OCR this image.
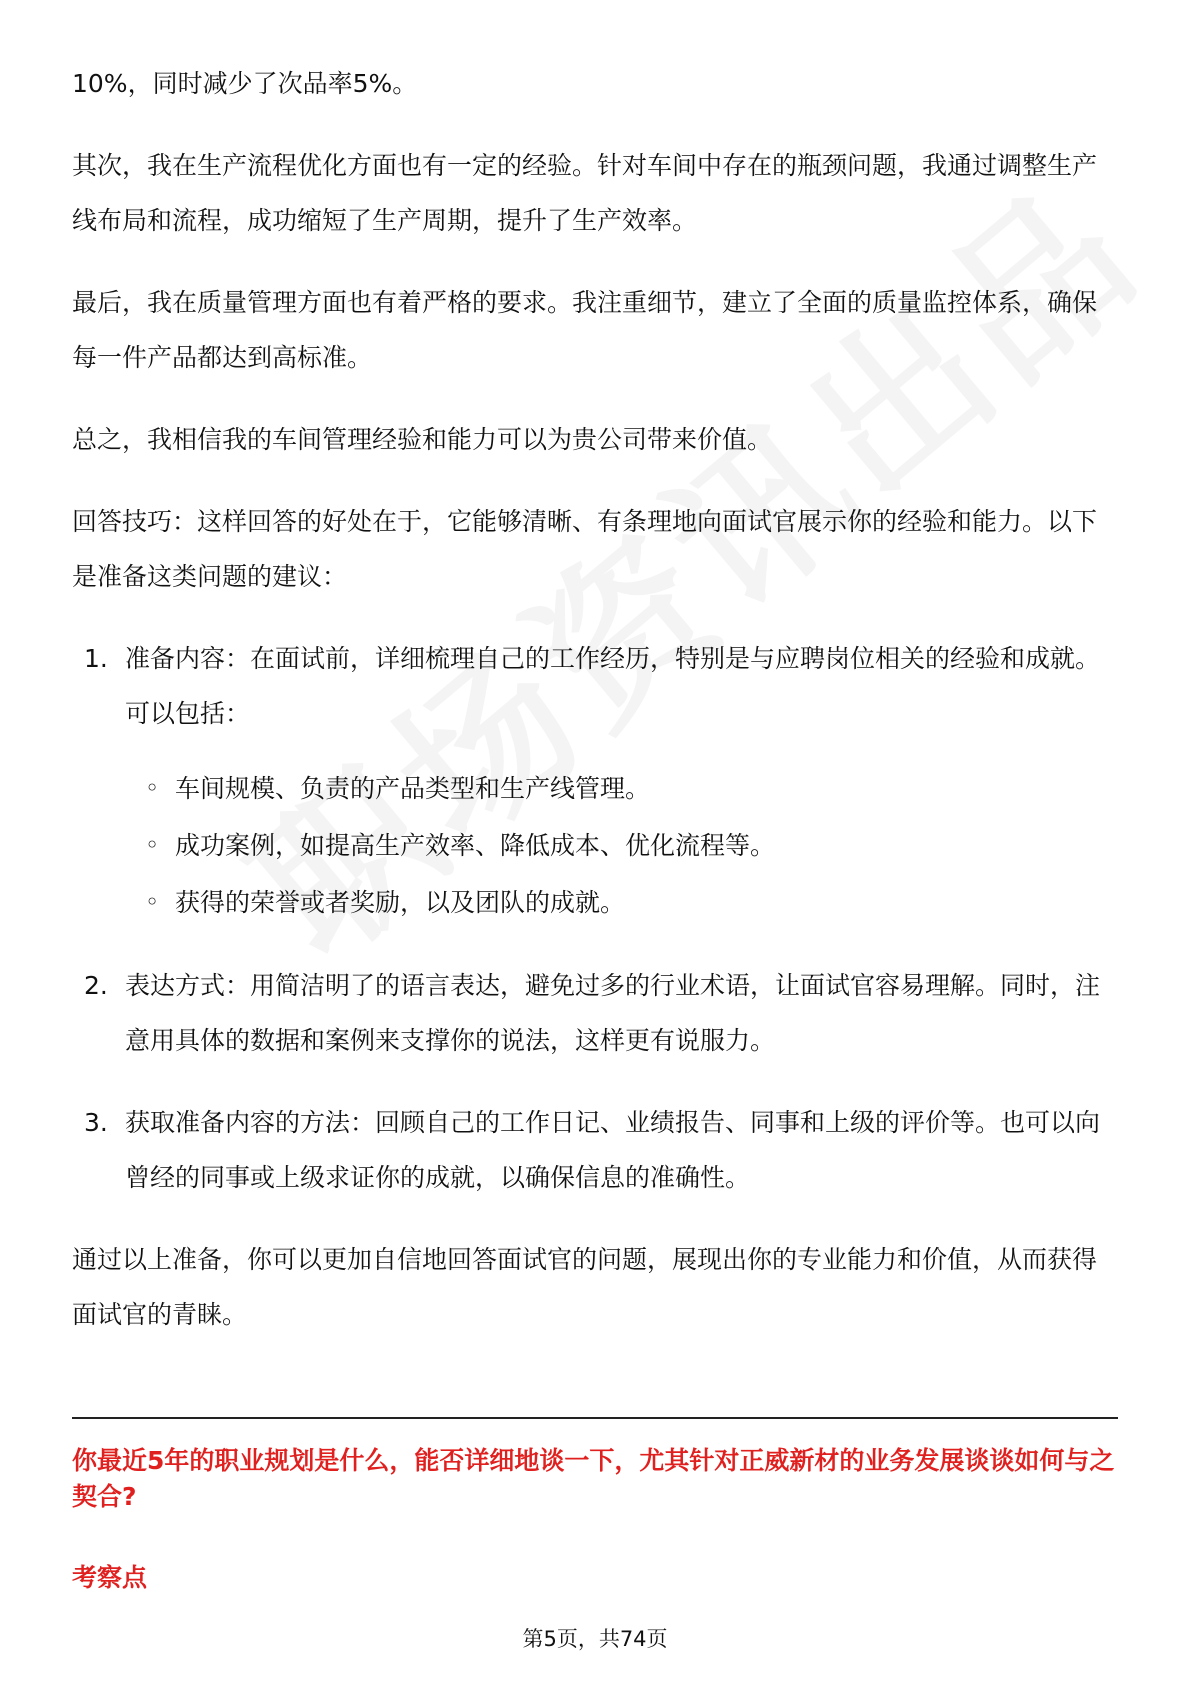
10%，同时减少了次品率5%。

其次，我在生产流程优化方面也有一定的经验。针对车间中存在的瓶颈问题，我通过调整生产线布局和流程，成功缩短了生产周期，提升了生产效率。

最后，我在质量管理方面也有着严格的要求。我注重细节，建立了全面的质量监控体系，确保每一件产品都达到高标准。

总之，我相信我的车间管理经验和能力可以为贵公司带来价值。

回答技巧：这样回答的好处在于，它能够清晰、有条理地向面试官展示你的经验和能力。以下是准备这类问题的建议：

1. 准备内容：在面试前，详细梳理自己的工作经历，特别是与应聘岗位相关的经验和成就。可以包括：

◦ 车间规模、负责的产品类型和生产线管理。
◦ 成功案例，如提高生产效率、降低成本、优化流程等。
◦ 获得的荣誉或者奖励，以及团队的成就。
2. 表达方式：用简洁明了的语言表达，避免过多的行业术语，让面试官容易理解。同时，注意用具体的数据和案例来支撑你的说法，这样更有说服力。

3. 获取准备内容的方法：回顾自己的工作日记、业绩报告、同事和上级的评价等。也可以向曾经的同事或上级求证你的成就，以确保信息的准确性。

通过以上准备，你可以更加自信地回答面试官的问题，展现出你的专业能力和价值，从而获得面试官的青睐。

你最近5年的职业规划是什么，能否详细地谈一下，尤其针对正威新材的业务发展谈谈如何与之契合?
考察点
第5页，共74页
